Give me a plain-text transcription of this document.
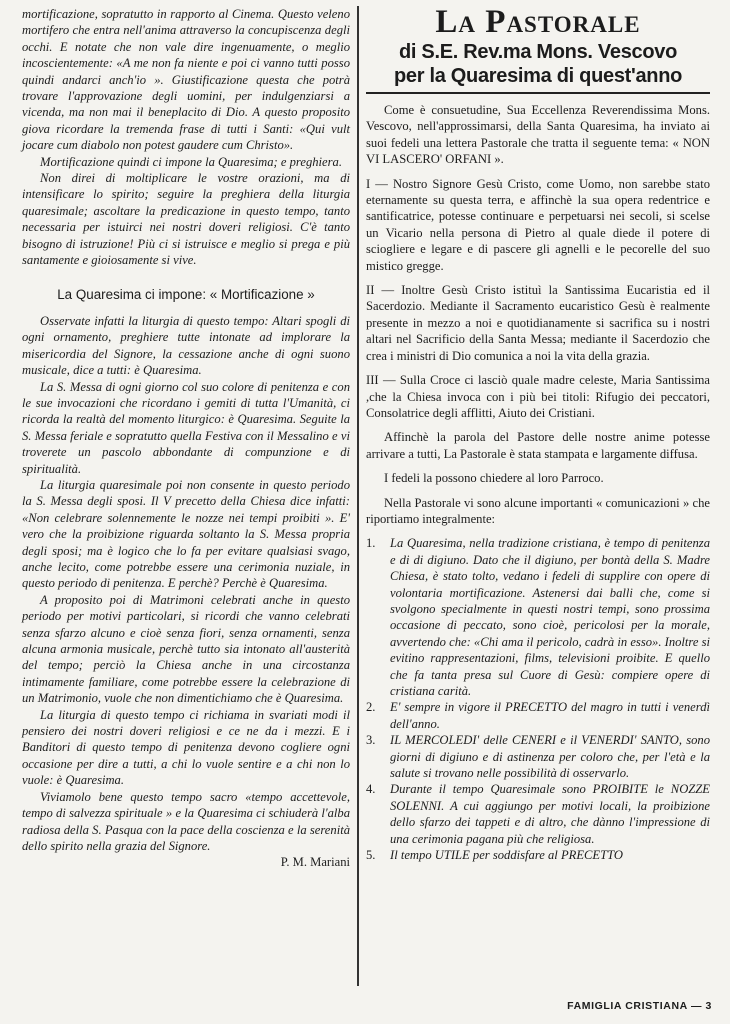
mortificazione, sopratutto in rapporto al Cinema. Questo veleno mortifero che entra nell'anima attraverso la concupiscenza degli occhi. E notate che non vale dire ingenuamente, o meglio incoscientemente: «A me non fa niente e poi ci vanno tutti posso quindi andarci anch'io ». Giustificazione questa che potrà trovare l'approvazione degli uomini, per indulgenziarsi a vicenda, ma non mai il beneplacito di Dio. A questo proposito giova ricordare la tremenda frase di tutti i Santi: «Qui vult jocare cum diabolo non potest gaudere cum Christo».

Mortificazione quindi ci impone la Quaresima; e preghiera.

Non direi di moltiplicare le vostre orazioni, ma di intensificare lo spirito; seguire la preghiera della liturgia quaresimale; ascoltare la predicazione in questo tempo, tanto necessaria per istuirci nei nostri doveri religiosi. C'è tanto bisogno di istruzione! Più ci si istruisce e meglio si prega e più santamente e gioiosamente si vive.

La Quaresima ci impone: « Mortificazione »

Osservate infatti la liturgia di questo tempo: Altari spogli di ogni ornamento, preghiere tutte intonate ad implorare la misericordia del Signore, la cessazione anche di ogni suono musicale, dice a tutti: è Quaresima.

La S. Messa di ogni giorno col suo colore di penitenza e con le sue invocazioni che ricordano i gemiti di tutta l'Umanità, ci ricorda la realtà del momento liturgico: è Quaresima. Seguite la S. Messa feriale e sopratutto quella Festiva con il Messalino e vi troverete un pascolo abbondante di compunzione e di spiritualità.

La liturgia quaresimale poi non consente in questo periodo la S. Messa degli sposi. Il V precetto della Chiesa dice infatti: «Non celebrare solennemente le nozze nei tempi proibiti ». E' vero che la proibizione riguarda soltanto la S. Messa propria degli sposi; ma è logico che lo fa per evitare qualsiasi svago, anche lecito, come potrebbe essere una cerimonia nuziale, in questo periodo di penitenza. E perchè? Perchè è Quaresima.

A proposito poi di Matrimoni celebrati anche in questo periodo per motivi particolari, si ricordi che vanno celebrati senza sfarzo alcuno e cioè senza fiori, senza ornamenti, senza alcuna armonia musicale, perchè tutto sia intonato all'austerità del tempo; perciò la Chiesa anche in una circostanza intimamente familiare, come potrebbe essere la celebrazione di un Matrimonio, vuole che non dimentichiamo che è Quaresima.

La liturgia di questo tempo ci richiama in svariati modi il pensiero dei nostri doveri religiosi e ce ne da i mezzi. E i Banditori di questo tempo di penitenza devono cogliere ogni occasione per dire a tutti, a chi lo vuole sentire e a chi non lo vuole: è Quaresima.

Viviamolo bene questo tempo sacro «tempo accettevole, tempo di salvezza spirituale » e la Quaresima ci schiuderà l'alba radiosa della S. Pasqua con la pace della coscienza e la serenità dello spirito nella grazia del Signore.

P. M. Mariani

La Pastorale
di S.E. Rev.ma Mons. Vescovo
per la Quaresima di quest'anno

Come è consuetudine, Sua Eccellenza Reverendissima Mons. Vescovo, nell'approssimarsi, della Santa Quaresima, ha inviato ai suoi fedeli una lettera Pastorale che tratta il seguente tema: « NON VI LASCERO' ORFANI ».

I — Nostro Signore Gesù Cristo, come Uomo, non sarebbe stato eternamente su questa terra, e affinchè la sua opera redentrice e santificatrice, potesse continuare e perpetuarsi nei secoli, si scelse un Vicario nella persona di Pietro al quale diede il potere di sciogliere e legare e di pascere gli agnelli e le pecorelle del suo mistico gregge.

II — Inoltre Gesù Cristo istituì la Santissima Eucaristia ed il Sacerdozio. Mediante il Sacramento eucaristico Gesù è realmente presente in mezzo a noi e quotidianamente si sacrifica su i nostri altari nel Sacrificio della Santa Messa; mediante il Sacerdozio che crea i ministri di Dio comunica a noi la vita della grazia.

III — Sulla Croce ci lasciò quale madre celeste, Maria Santissima ,che la Chiesa invoca con i più bei titoli: Rifugio dei peccatori, Consolatrice degli afflitti, Aiuto dei Cristiani.

Affinchè la parola del Pastore delle nostre anime potesse arrivare a tutti, La Pastorale è stata stampata e largamente diffusa.

I fedeli la possono chiedere al loro Parroco.

Nella Pastorale vi sono alcune importanti « comunicazioni » che riportiamo integralmente:

1.	La Quaresima, nella tradizione cristiana, è tempo di penitenza e di di digiuno. Dato che il digiuno, per bontà della S. Madre Chiesa, è stato tolto, vedano i fedeli di supplire con opere di volontaria mortificazione. Astenersi dai balli che, come si svolgono specialmente in questi nostri tempi, sono prossima occasione di peccato, sono cioè, pericolosi per la morale, avvertendo che: «Chi ama il pericolo, cadrà in esso». Inoltre si evitino rappresentazioni, films, televisioni proibite. E quello che fa tanta presa sul Cuore di Gesù: compiere opere di cristiana carità.
2.	E' sempre in vigore il PRECETTO del magro in tutti i venerdì dell'anno.
3.	IL MERCOLEDI' delle CENERI e il VENERDI' SANTO, sono giorni di digiuno e di astinenza per coloro che, per l'età e la salute si trovano nelle possibilità di osservarlo.
4.	Durante il tempo Quaresimale sono PROIBITE le NOZZE SOLENNI. A cui aggiungo per motivi locali, la proibizione dello sfarzo dei tappeti e di altro, che dànno l'impressione di una cerimonia pagana più che religiosa.
5.	Il tempo UTILE per soddisfare al PRECETTO
FAMIGLIA CRISTIANA — 3
